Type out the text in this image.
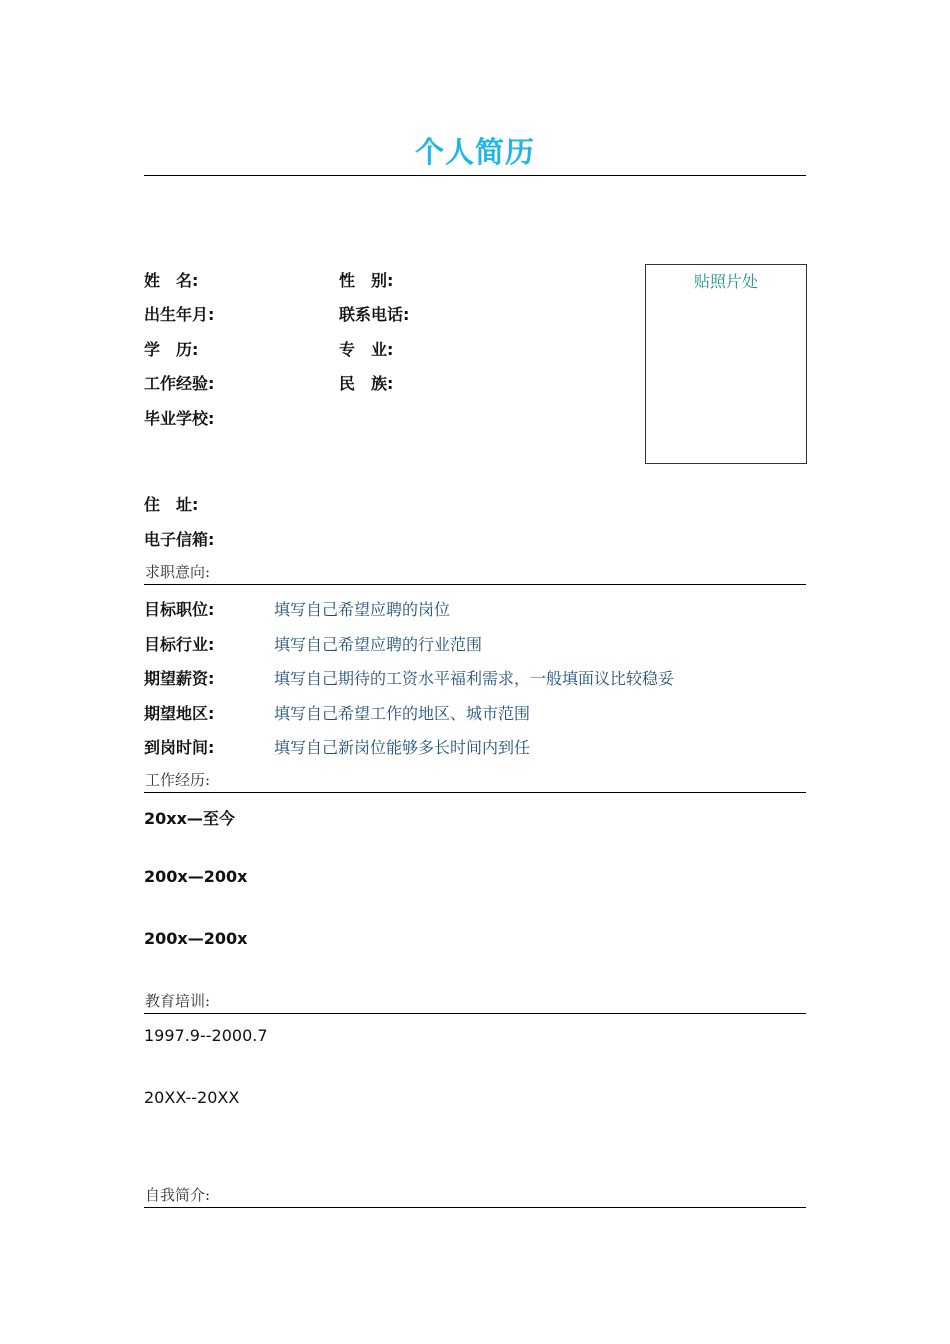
个人简历
姓　名:	性　别:
出生年月:	联系电话:
学　历:	专　业:
工作经验:	民　族:
毕业学校:
贴照片处
住　址:
电子信箱:
求职意向:
目标职位:	填写自己希望应聘的岗位
目标行业:	填写自己希望应聘的行业范围
期望薪资:	填写自己期待的工资水平福利需求，一般填面议比较稳妥
期望地区:	填写自己希望工作的地区、城市范围
到岗时间:	填写自己新岗位能够多长时间内到任
工作经历:
20xx—至今
200x—200x
200x—200x
教育培训:
1997.9--2000.7
20XX--20XX
自我简介:
